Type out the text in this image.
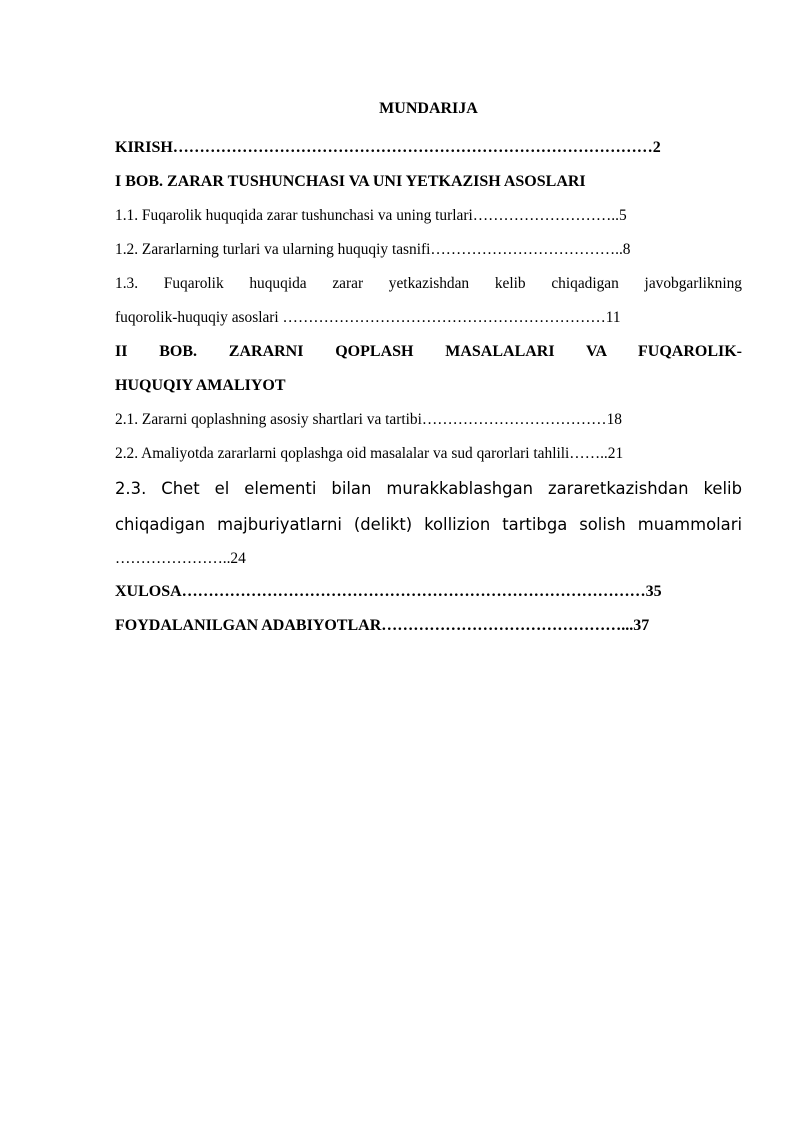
MUNDARIJA
KIRISH………………………………………………………………………………2
I BOB. ZARAR TUSHUNCHASI VA UNI YETKAZISH ASOSLARI
1.1. Fuqarolik huquqida zarar tushunchasi va uning turlari………………………..5
1.2. Zararlarning turlari va ularning huquqiy tasnifi………………………………..8
1.3. Fuqarolik huquqida zarar yetkazishdan kelib chiqadigan javobgarlikning
fuqorolik-huquqiy asoslari ………………………………………………………11
II BOB. ZARARNI QOPLASH MASALALARI VA FUQAROLIK-
HUQUQIY AMALIYOT
2.1. Zararni qoplashning asosiy shartlari va tartibi………………………………18
2.2. Amaliyotda zararlarni qoplashga oid masalalar va sud qarorlari tahlili……..21
2.3. Chet el elementi bilan murakkablashgan zararetkazishdan kelib
chiqadigan majburiyatlarni (delikt) kollizion tartibga solish muammolari
…………………..24
XULOSA……………………………………………………………………………35
FOYDALANILGAN ADABIYOTLAR………………………………………...37
